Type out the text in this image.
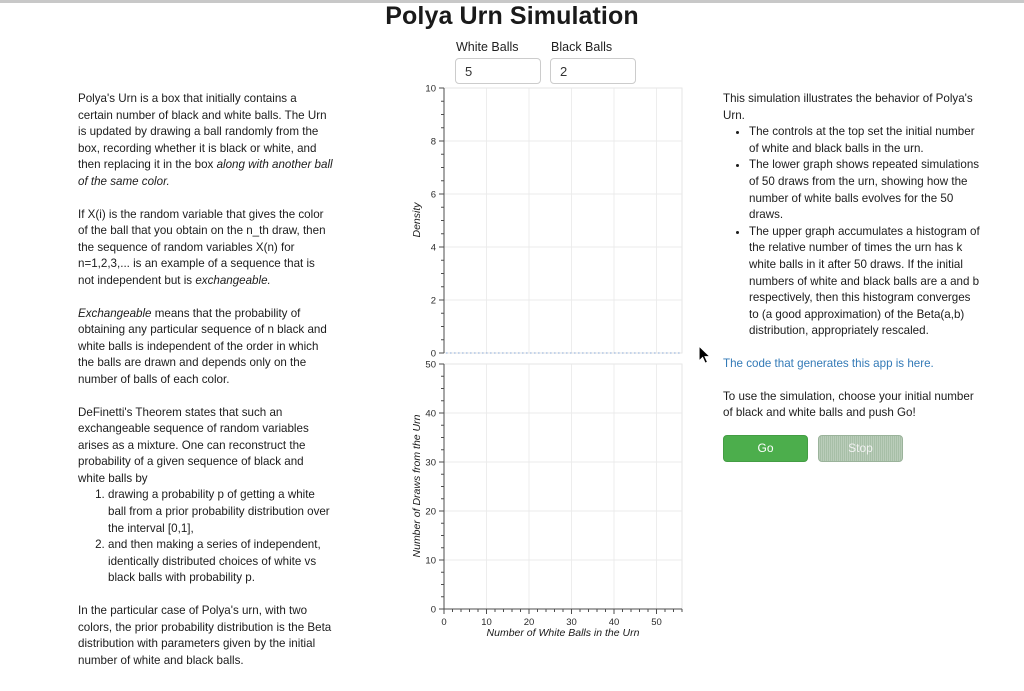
Polya Urn Simulation
White Balls
5	Black Balls
2

Polya's Urn is a box that initially contains a certain number of black and white balls. The Urn is updated by drawing a ball randomly from the box, recording whether it is black or white, and then replacing it in the box along with another ball of the same color.

If X(i) is the random variable that gives the color of the ball that you obtain on the n_th draw, then the sequence of random variables X(n) for n=1,2,3,... is an example of a sequence that is not independent but is exchangeable.

Exchangeable means that the probability of obtaining any particular sequence of n black and white balls is independent of the order in which the balls are drawn and depends only on the number of balls of each color.

DeFinetti's Theorem states that such an exchangeable sequence of random variables arises as a mixture. One can reconstruct the probability of a given sequence of black and white balls by

1. drawing a probability p of getting a white ball from a prior probability distribution over the interval [0,1],
2. and then making a series of independent, identically distributed choices of white vs black balls with probability p.

In the particular case of Polya's urn, with two colors, the prior probability distribution is the Beta distribution with parameters given by the initial number of white and black balls.

This simulation illustrates the behavior of Polya's Urn.

• The controls at the top set the initial number of white and black balls in the urn.
• The lower graph shows repeated simulations of 50 draws from the urn, showing how the number of white balls evolves for the 50 draws.
• The upper graph accumulates a histogram of the relative number of times the urn has k white balls in it after 50 draws. If the initial numbers of white and black balls are a and b respectively, then this histogram converges to (a good approximation) of the Beta(a,b) distribution, appropriately rescaled.

The code that generates this app is here.

To use the simulation, choose your initial number of black and white balls and push Go!

Go	Stop
0
2
4
6
8
10
Density
0
10
20
30
40
50
0	10	20	30	40	50
Number of Draws from the Urn
Number of White Balls in the Urn
